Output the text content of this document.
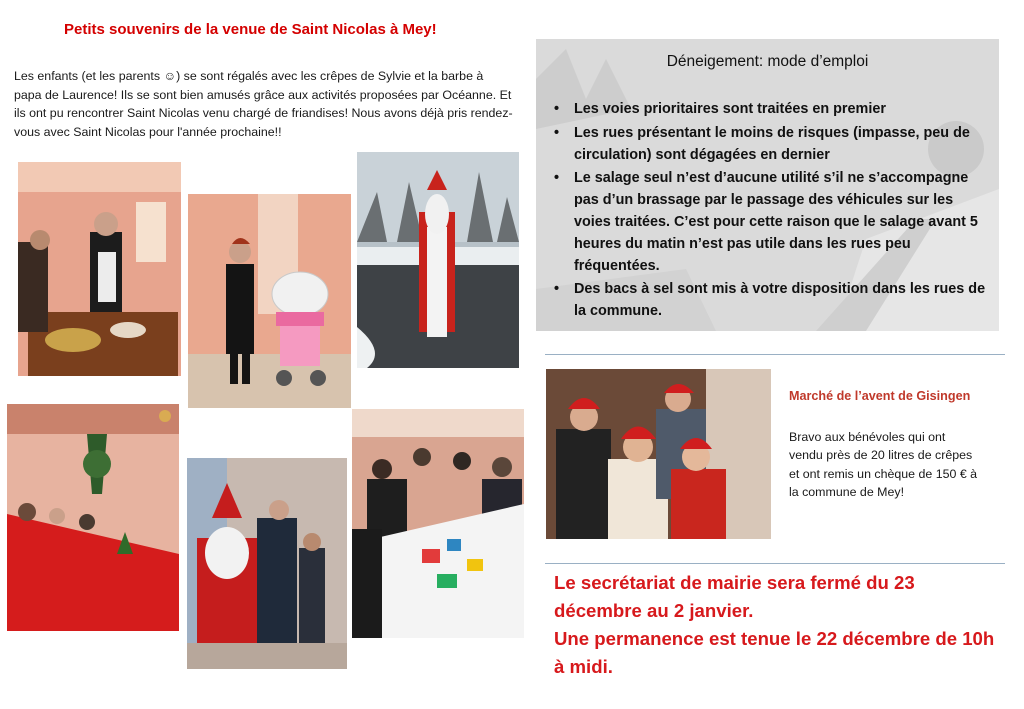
Petits souvenirs de la venue de Saint Nicolas à Mey!
Les enfants (et les parents ☺) se sont régalés avec les crêpes de Sylvie et la barbe à papa de Laurence! Ils se sont bien amusés grâce aux activités proposées par Océanne. Et ils ont pu rencontrer Saint Nicolas venu chargé de friandises! Nous avons déjà pris rendez-vous avec Saint Nicolas pour l'année prochaine!!
Déneigement: mode d’emploi
• Les voies prioritaires sont traitées en premier
• Les rues présentant le moins de risques (impasse, peu de circulation) sont dégagées en dernier
• Le salage seul n’est d’aucune utilité s’il ne s’accompagne pas d’un brassage par le passage des véhicules sur les voies traitées. C’est pour cette raison que le salage avant 5 heures du matin n’est pas utile dans les rues peu fréquentées.
• Des bacs à sel sont mis à votre disposition dans les rues de la commune.
Marché de l’avent de Gisingen
Bravo aux bénévoles qui ont vendu près de 20 litres de crêpes et ont remis un chèque de 150 € à la commune de Mey!

Le secrétariat de mairie sera fermé du 23 décembre au 2 janvier.

Une permanence est tenue le 22 décembre de 10h à midi.
